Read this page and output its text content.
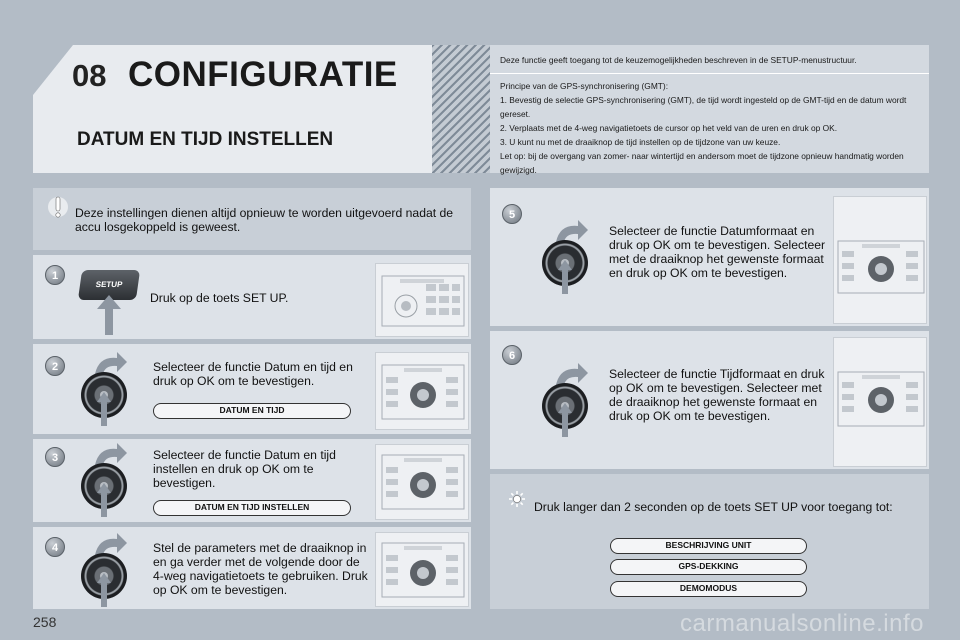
08 CONFIGURATIE
DATUM EN TIJD INSTELLEN

Deze functie geeft toegang tot de keuzemogelijkheden beschreven in de SETUP-menustructuur.

Principe van de GPS-synchronisering (GMT):

1. Bevestig de selectie GPS-synchronisering (GMT), de tijd wordt ingesteld op de GMT-tijd en de datum wordt gereset.

2. Verplaats met de 4-weg navigatietoets de cursor op het veld van de uren en druk op OK.

3. U kunt nu met de draaiknop de tijd instellen op de tijdzone van uw keuze.

Let op: bij de overgang van zomer- naar wintertijd en andersom moet de tijdzone opnieuw handmatig worden gewijzigd.

Deze instellingen dienen altijd opnieuw te worden uitgevoerd nadat de accu losgekoppeld is geweest.
1
SETUP
Druk op de toets SET UP.
2	Selecteer de functie Datum en tijd en druk op OK om te bevestigen.
DATUM EN TIJD
3	Selecteer de functie Datum en tijd instellen en druk op OK om te bevestigen.
DATUM EN TIJD INSTELLEN
4	Stel de parameters met de draaiknop in en ga verder met de volgende door de 4-weg navigatietoets te gebruiken. Druk op OK om te bevestigen.
5
Selecteer de functie Datumformaat en druk op OK om te bevestigen. Selecteer met de draaiknop het gewenste formaat en druk op OK om te bevestigen.
6
Selecteer de functie Tijdformaat en druk op OK om te bevestigen. Selecteer met de draaiknop het gewenste formaat en druk op OK om te bevestigen.
Druk langer dan 2 seconden op de toets SET UP voor toegang tot:
BESCHRIJVING UNIT
GPS-DEKKING
DEMOMODUS
258	carmanualsonline.info
